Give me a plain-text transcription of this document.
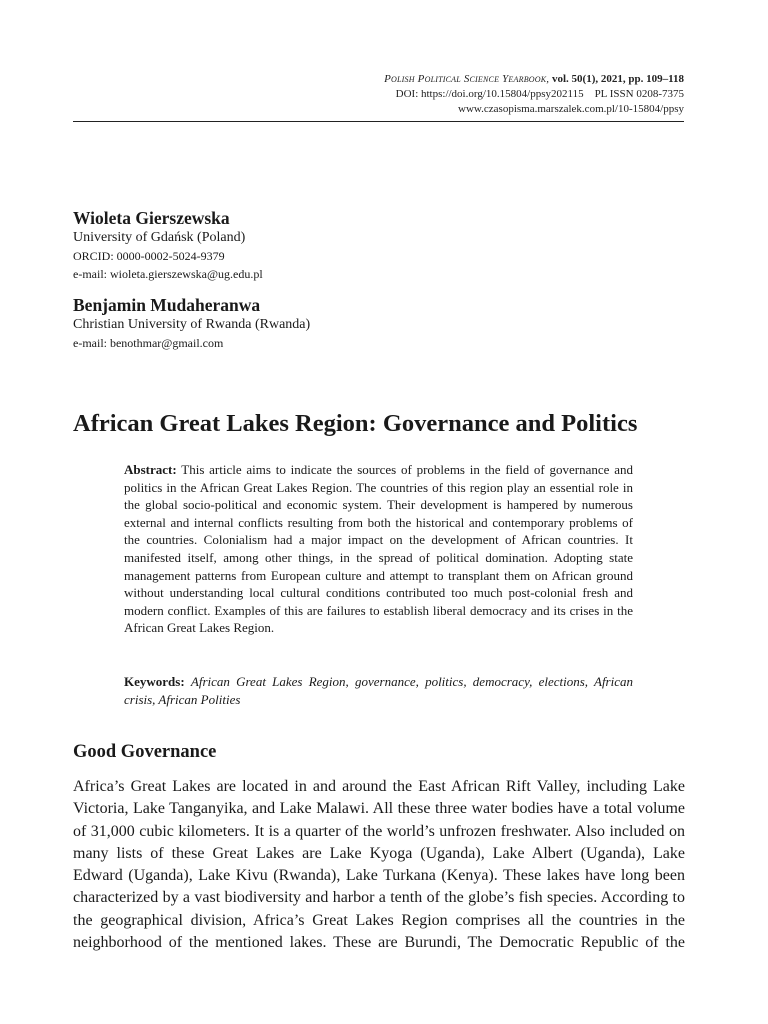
Polish Political Science Yearbook, vol. 50(1), 2021, pp. 109–118
DOI: https://doi.org/10.15804/ppsy202115    PL ISSN 0208-7375
www.czasopisma.marszalek.com.pl/10-15804/ppsy
Wioleta Gierszewska
University of Gdańsk (Poland)
ORCID: 0000-0002-5024-9379
e-mail: wioleta.gierszewska@ug.edu.pl
Benjamin Mudaheranwa
Christian University of Rwanda (Rwanda)
e-mail: benothmar@gmail.com
African Great Lakes Region: Governance and Politics
Abstract: This article aims to indicate the sources of problems in the field of governance and politics in the African Great Lakes Region. The countries of this region play an essential role in the global socio-political and economic system. Their development is hampered by numerous external and internal conflicts resulting from both the historical and contemporary problems of the countries. Colonialism had a major impact on the development of African countries. It manifested itself, among other things, in the spread of political domination. Adopting state management patterns from European culture and attempt to transplant them on African ground without understanding local cultural conditions contributed too much post-colonial fresh and modern conflict. Examples of this are failures to establish liberal democracy and its crises in the African Great Lakes Region.
Keywords: African Great Lakes Region, governance, politics, democracy, elections, African crisis, African Polities
Good Governance

Africa’s Great Lakes are located in and around the East African Rift Valley, including Lake Victoria, Lake Tanganyika, and Lake Malawi. All these three water bodies have a total volume of 31,000 cubic kilometers. It is a quarter of the world’s unfrozen freshwater. Also included on many lists of these Great Lakes are Lake Kyoga (Uganda), Lake Albert (Uganda), Lake Edward (Uganda), Lake Kivu (Rwanda), Lake Turkana (Kenya). These lakes have long been characterized by a vast biodiversity and harbor a tenth of the globe’s fish species. According to the geographical division, Africa’s Great Lakes Region comprises all the countries in the neighborhood of the mentioned lakes. These are Burundi, The Democratic Republic of the
